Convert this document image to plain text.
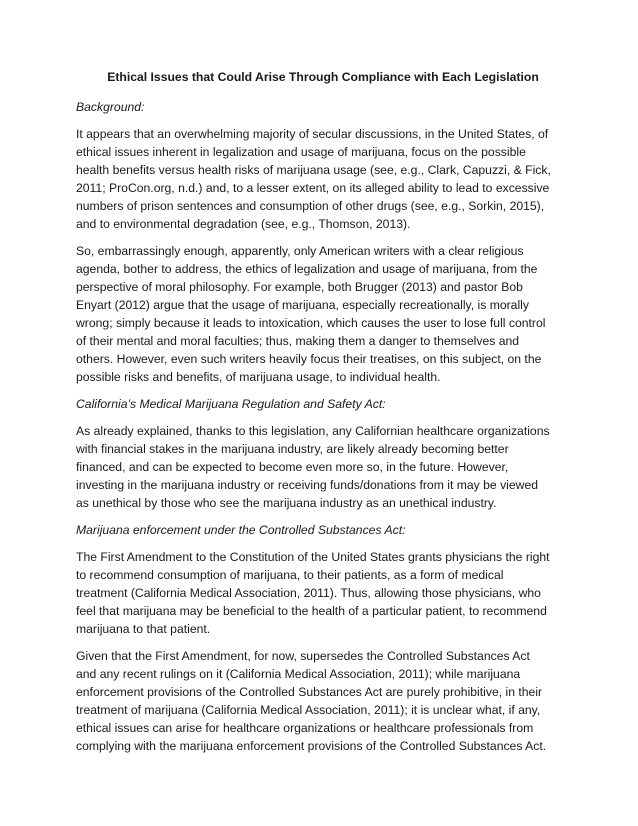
Ethical Issues that Could Arise Through Compliance with Each Legislation
Background:
It appears that an overwhelming majority of secular discussions, in the United States, of
ethical issues inherent in legalization and usage of marijuana, focus on the possible
health benefits versus health risks of marijuana usage (see, e.g., Clark, Capuzzi, & Fick,
2011; ProCon.org, n.d.) and, to a lesser extent, on its alleged ability to lead to excessive
numbers of prison sentences and consumption of other drugs (see, e.g., Sorkin, 2015),
and to environmental degradation (see, e.g., Thomson, 2013).
So, embarrassingly enough, apparently, only American writers with a clear religious
agenda, bother to address, the ethics of legalization and usage of marijuana, from the
perspective of moral philosophy. For example, both Brugger (2013) and pastor Bob
Enyart (2012) argue that the usage of marijuana, especially recreationally, is morally
wrong; simply because it leads to intoxication, which causes the user to lose full control
of their mental and moral faculties; thus, making them a danger to themselves and
others. However, even such writers heavily focus their treatises, on this subject, on the
possible risks and benefits, of marijuana usage, to individual health.
California’s Medical Marijuana Regulation and Safety Act:
As already explained, thanks to this legislation, any Californian healthcare organizations
with financial stakes in the marijuana industry, are likely already becoming better
financed, and can be expected to become even more so, in the future. However,
investing in the marijuana industry or receiving funds/donations from it may be viewed
as unethical by those who see the marijuana industry as an unethical industry.
Marijuana enforcement under the Controlled Substances Act:
The First Amendment to the Constitution of the United States grants physicians the right
to recommend consumption of marijuana, to their patients, as a form of medical
treatment (California Medical Association, 2011). Thus, allowing those physicians, who
feel that marijuana may be beneficial to the health of a particular patient, to recommend
marijuana to that patient.
Given that the First Amendment, for now, supersedes the Controlled Substances Act
and any recent rulings on it (California Medical Association, 2011); while marijuana
enforcement provisions of the Controlled Substances Act are purely prohibitive, in their
treatment of marijuana (California Medical Association, 2011); it is unclear what, if any,
ethical issues can arise for healthcare organizations or healthcare professionals from
complying with the marijuana enforcement provisions of the Controlled Substances Act.
